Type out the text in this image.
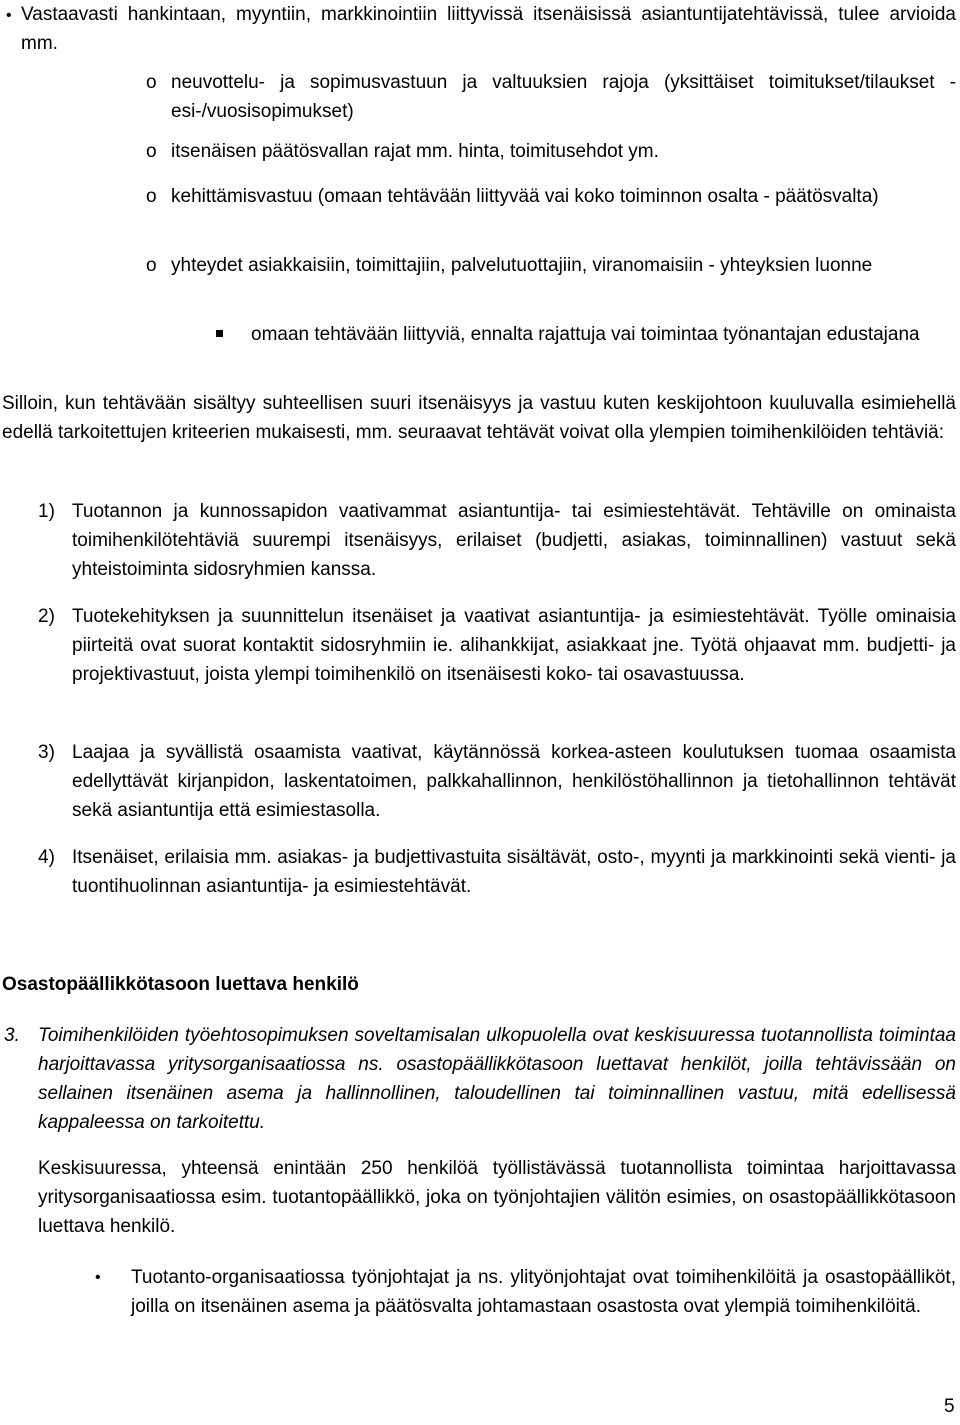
• Vastaavasti hankintaan, myyntiin, markkinointiin liittyvissä itsenäisissä asiantuntijatehtävissä, tulee arvioida mm.
o neuvottelu- ja sopimusvastuun ja valtuuksien rajoja (yksittäiset toimitukset/tilaukset - esi-/vuosisopimukset)
o itsenäisen päätösvallan rajat mm. hinta, toimitusehdot ym.
o kehittämisvastuu (omaan tehtävään liittyvää vai koko toiminnon osalta - päätösvalta)
o yhteydet asiakkaisiin, toimittajiin, palvelutuottajiin, viranomaisiin - yhteyksien luonne
omaan tehtävään liittyviä, ennalta rajattuja vai toimintaa työnantajan edustajana
Silloin, kun tehtävään sisältyy suhteellisen suuri itsenäisyys ja vastuu kuten keskijohtoon kuuluvalla esimiehellä edellä tarkoitettujen kriteerien mukaisesti, mm. seuraavat tehtävät voivat olla ylempien toimihenkilöiden tehtäviä:
1) Tuotannon ja kunnossapidon vaativammat asiantuntija- tai esimiestehtävät. Tehtäville on ominaista toimihenkilötehtäviä suurempi itsenäisyys, erilaiset (budjetti, asiakas, toiminnallinen) vastuut sekä yhteistoiminta sidosryhmien kanssa.
2) Tuotekehityksen ja suunnittelun itsenäiset ja vaativat asiantuntija- ja esimiestehtävät. Työlle ominaisia piirteitä ovat suorat kontaktit sidosryhmiin ie. alihankkijat, asiakkaat jne. Työtä ohjaavat mm. budjetti- ja projektivastuut, joista ylempi toimihenkilö on itsenäisesti koko- tai osavastuussa.
3) Laajaa ja syvällistä osaamista vaativat, käytännössä korkea-asteen koulutuksen tuomaa osaamista edellyttävät kirjanpidon, laskentatoimen, palkkahallinnon, henkilöstöhallinnon ja tietohallinnon tehtävät sekä asiantuntija että esimiestasolla.
4) Itsenäiset, erilaisia mm. asiakas- ja budjettivastuita sisältävät, osto-, myynti ja markkinointi sekä vienti- ja tuontihuolinnan asiantuntija- ja esimiestehtävät.
Osastopäällikkötasoon luettava henkilö
3. Toimihenkilöiden työehtosopimuksen soveltamisalan ulkopuolella ovat keskisuuressa tuotannollista toimintaa harjoittavassa yritysorganisaatiossa ns. osastopäällikkötasoon luettavat henkilöt, joilla tehtävissään on sellainen itsenäinen asema ja hallinnollinen, taloudellinen tai toiminnallinen vastuu, mitä edellisessä kappaleessa on tarkoitettu.
Keskisuuressa, yhteensä enintään 250 henkilöä työllistävässä tuotannollista toimintaa harjoittavassa yritysorganisaatiossa esim. tuotantopäällikkö, joka on työnjohtajien välitön esimies, on osastopäällikkötasoon luettava henkilö.
• Tuotanto-organisaatiossa työnjohtajat ja ns. ylityönjohtajat ovat toimihenkilöitä ja osastopäälliköt, joilla on itsenäinen asema ja päätösvalta johtamastaan osastosta ovat ylempiä toimihenkilöitä.
5
